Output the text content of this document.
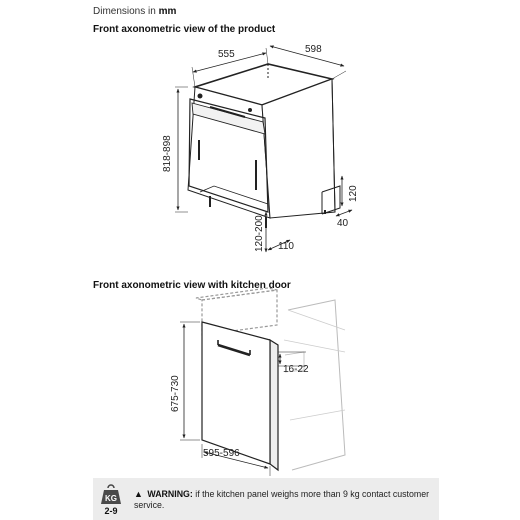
Dimensions in mm
Front axonometric view of the product
Front axonometric view with kitchen door
555	598
818-898
120
40
120-200 110
675-730
595-596
16-22
KG
2-9
▲ WARNING: if the kitchen panel weighs more than 9 kg contact customer service.
